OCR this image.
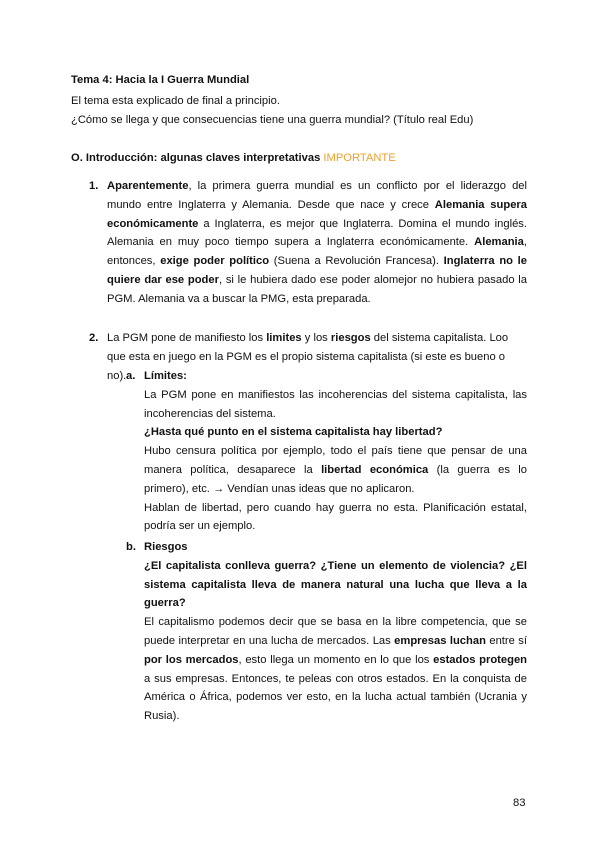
Tema 4: Hacia la I Guerra Mundial

El tema esta explicado de final a principio.

¿Cómo se llega y que consecuencias tiene una guerra mundial? (Título real Edu)

O. Introducción: algunas claves interpretativas IMPORTANTE

1. Aparentemente, la primera guerra mundial es un conflicto por el liderazgo del mundo entre Inglaterra y Alemania. Desde que nace y crece Alemania supera económicamente a Inglaterra, es mejor que Inglaterra. Domina el mundo inglés. Alemania en muy poco tiempo supera a Inglaterra económicamente. Alemania, entonces, exige poder político (Suena a Revolución Francesa). Inglaterra no le quiere dar ese poder, si le hubiera dado ese poder alomejor no hubiera pasado la PGM. Alemania va a buscar la PMG, esta preparada.

2. La PGM pone de manifiesto los limites y los riesgos del sistema capitalista. Loo que esta en juego en la PGM es el propio sistema capitalista (si este es bueno o no). a. Límites:

La PGM pone en manifiestos las incoherencias del sistema capitalista, las incoherencias del sistema.

¿Hasta qué punto en el sistema capitalista hay libertad?

Hubo censura política por ejemplo, todo el país tiene que pensar de una manera política, desaparece la libertad económica (la guerra es lo primero), etc. → Vendían unas ideas que no aplicaron.

Hablan de libertad, pero cuando hay guerra no esta. Planificación estatal, podría ser un ejemplo.

b. Riesgos

¿El capitalista conlleva guerra? ¿Tiene un elemento de violencia? ¿El sistema capitalista lleva de manera natural una lucha que lleva a la guerra?

El capitalismo podemos decir que se basa en la libre competencia, que se puede interpretar en una lucha de mercados. Las empresas luchan entre sí por los mercados, esto llega un momento en lo que los estados protegen a sus empresas. Entonces, te peleas con otros estados. En la conquista de América o África, podemos ver esto, en la lucha actual también (Ucrania y Rusia).

83
